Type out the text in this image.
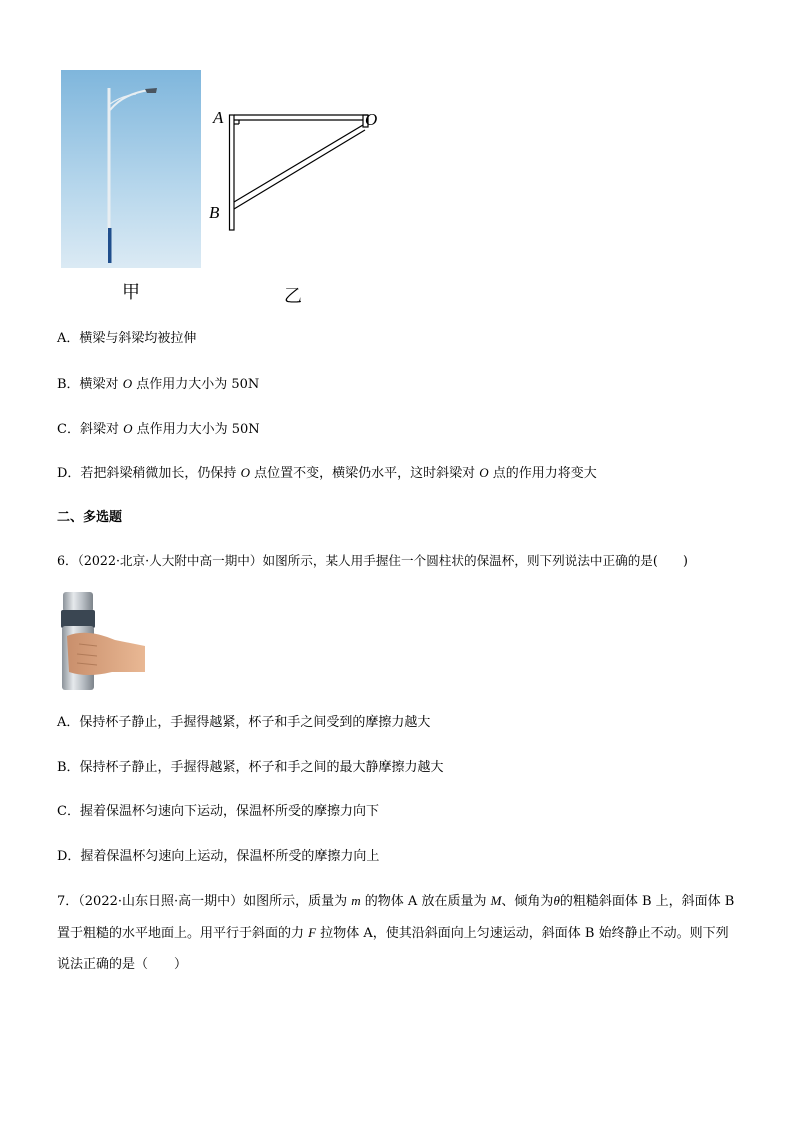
甲
A	O
B
乙
A．横梁与斜梁均被拉伸
B．横梁对 O 点作用力大小为 50N
C．斜梁对 O 点作用力大小为 50N
D．若把斜梁稍微加长，仍保持 O 点位置不变，横梁仍水平，这时斜梁对 O 点的作用力将变大
二、多选题
6．（2022·北京·人大附中高一期中）如图所示，某人用手握住一个圆柱状的保温杯，则下列说法中正确的是(　　)
A．保持杯子静止，手握得越紧，杯子和手之间受到的摩擦力越大
B．保持杯子静止，手握得越紧，杯子和手之间的最大静摩擦力越大
C．握着保温杯匀速向下运动，保温杯所受的摩擦力向下
D．握着保温杯匀速向上运动，保温杯所受的摩擦力向上
7．（2022·山东日照·高一期中）如图所示，质量为 m 的物体 A 放在质量为 M、倾角为θ的粗糙斜面体 B 上，斜面体 B 置于粗糙的水平地面上。用平行于斜面的力 F 拉物体 A，使其沿斜面向上匀速运动，斜面体 B 始终静止不动。则下列说法正确的是（　　）
